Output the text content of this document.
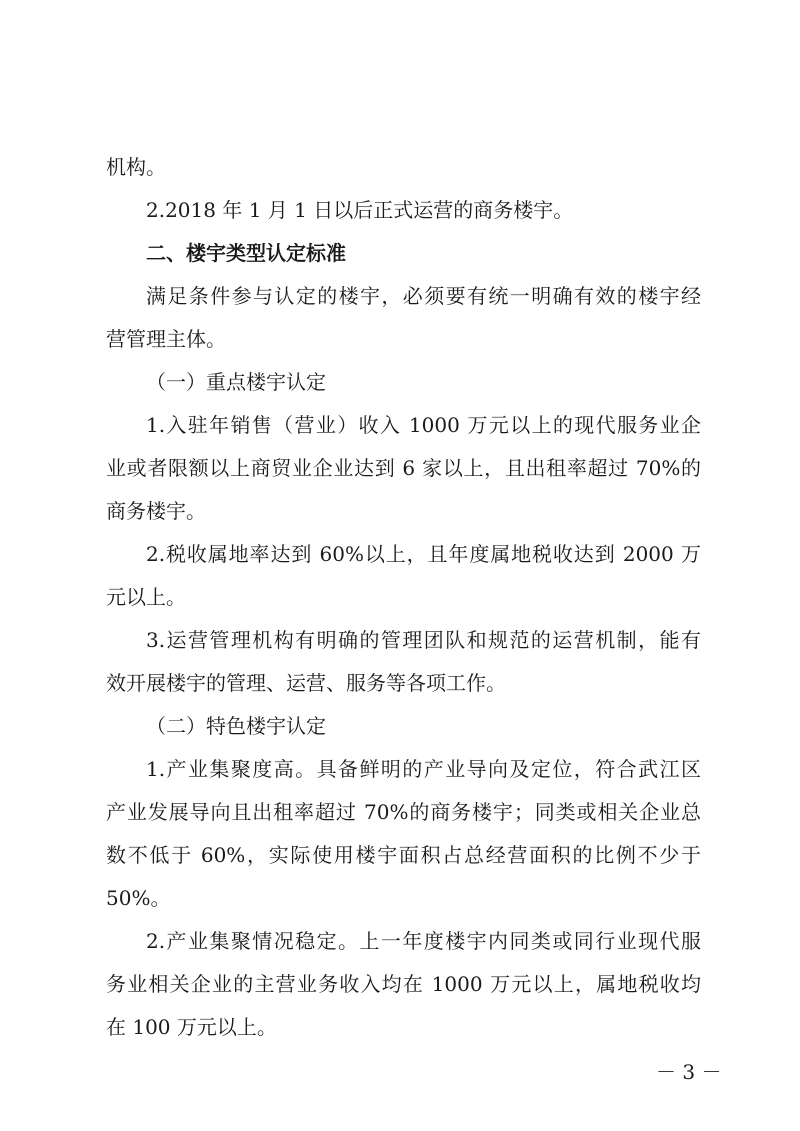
机构。
2.2018 年 1 月 1 日以后正式运营的商务楼宇。
二、楼宇类型认定标准
满足条件参与认定的楼宇，必须要有统一明确有效的楼宇经
营管理主体。
（一）重点楼宇认定
1.入驻年销售（营业）收入 1000 万元以上的现代服务业企
业或者限额以上商贸业企业达到 6 家以上，且出租率超过 70%的
商务楼宇。
2.税收属地率达到 60%以上，且年度属地税收达到 2000 万
元以上。
3.运营管理机构有明确的管理团队和规范的运营机制，能有
效开展楼宇的管理、运营、服务等各项工作。
（二）特色楼宇认定
1.产业集聚度高。具备鲜明的产业导向及定位，符合武江区
产业发展导向且出租率超过 70%的商务楼宇；同类或相关企业总
数不低于 60%，实际使用楼宇面积占总经营面积的比例不少于
50%。
2.产业集聚情况稳定。上一年度楼宇内同类或同行业现代服
务业相关企业的主营业务收入均在 1000 万元以上，属地税收均
在 100 万元以上。
－ 3 －
